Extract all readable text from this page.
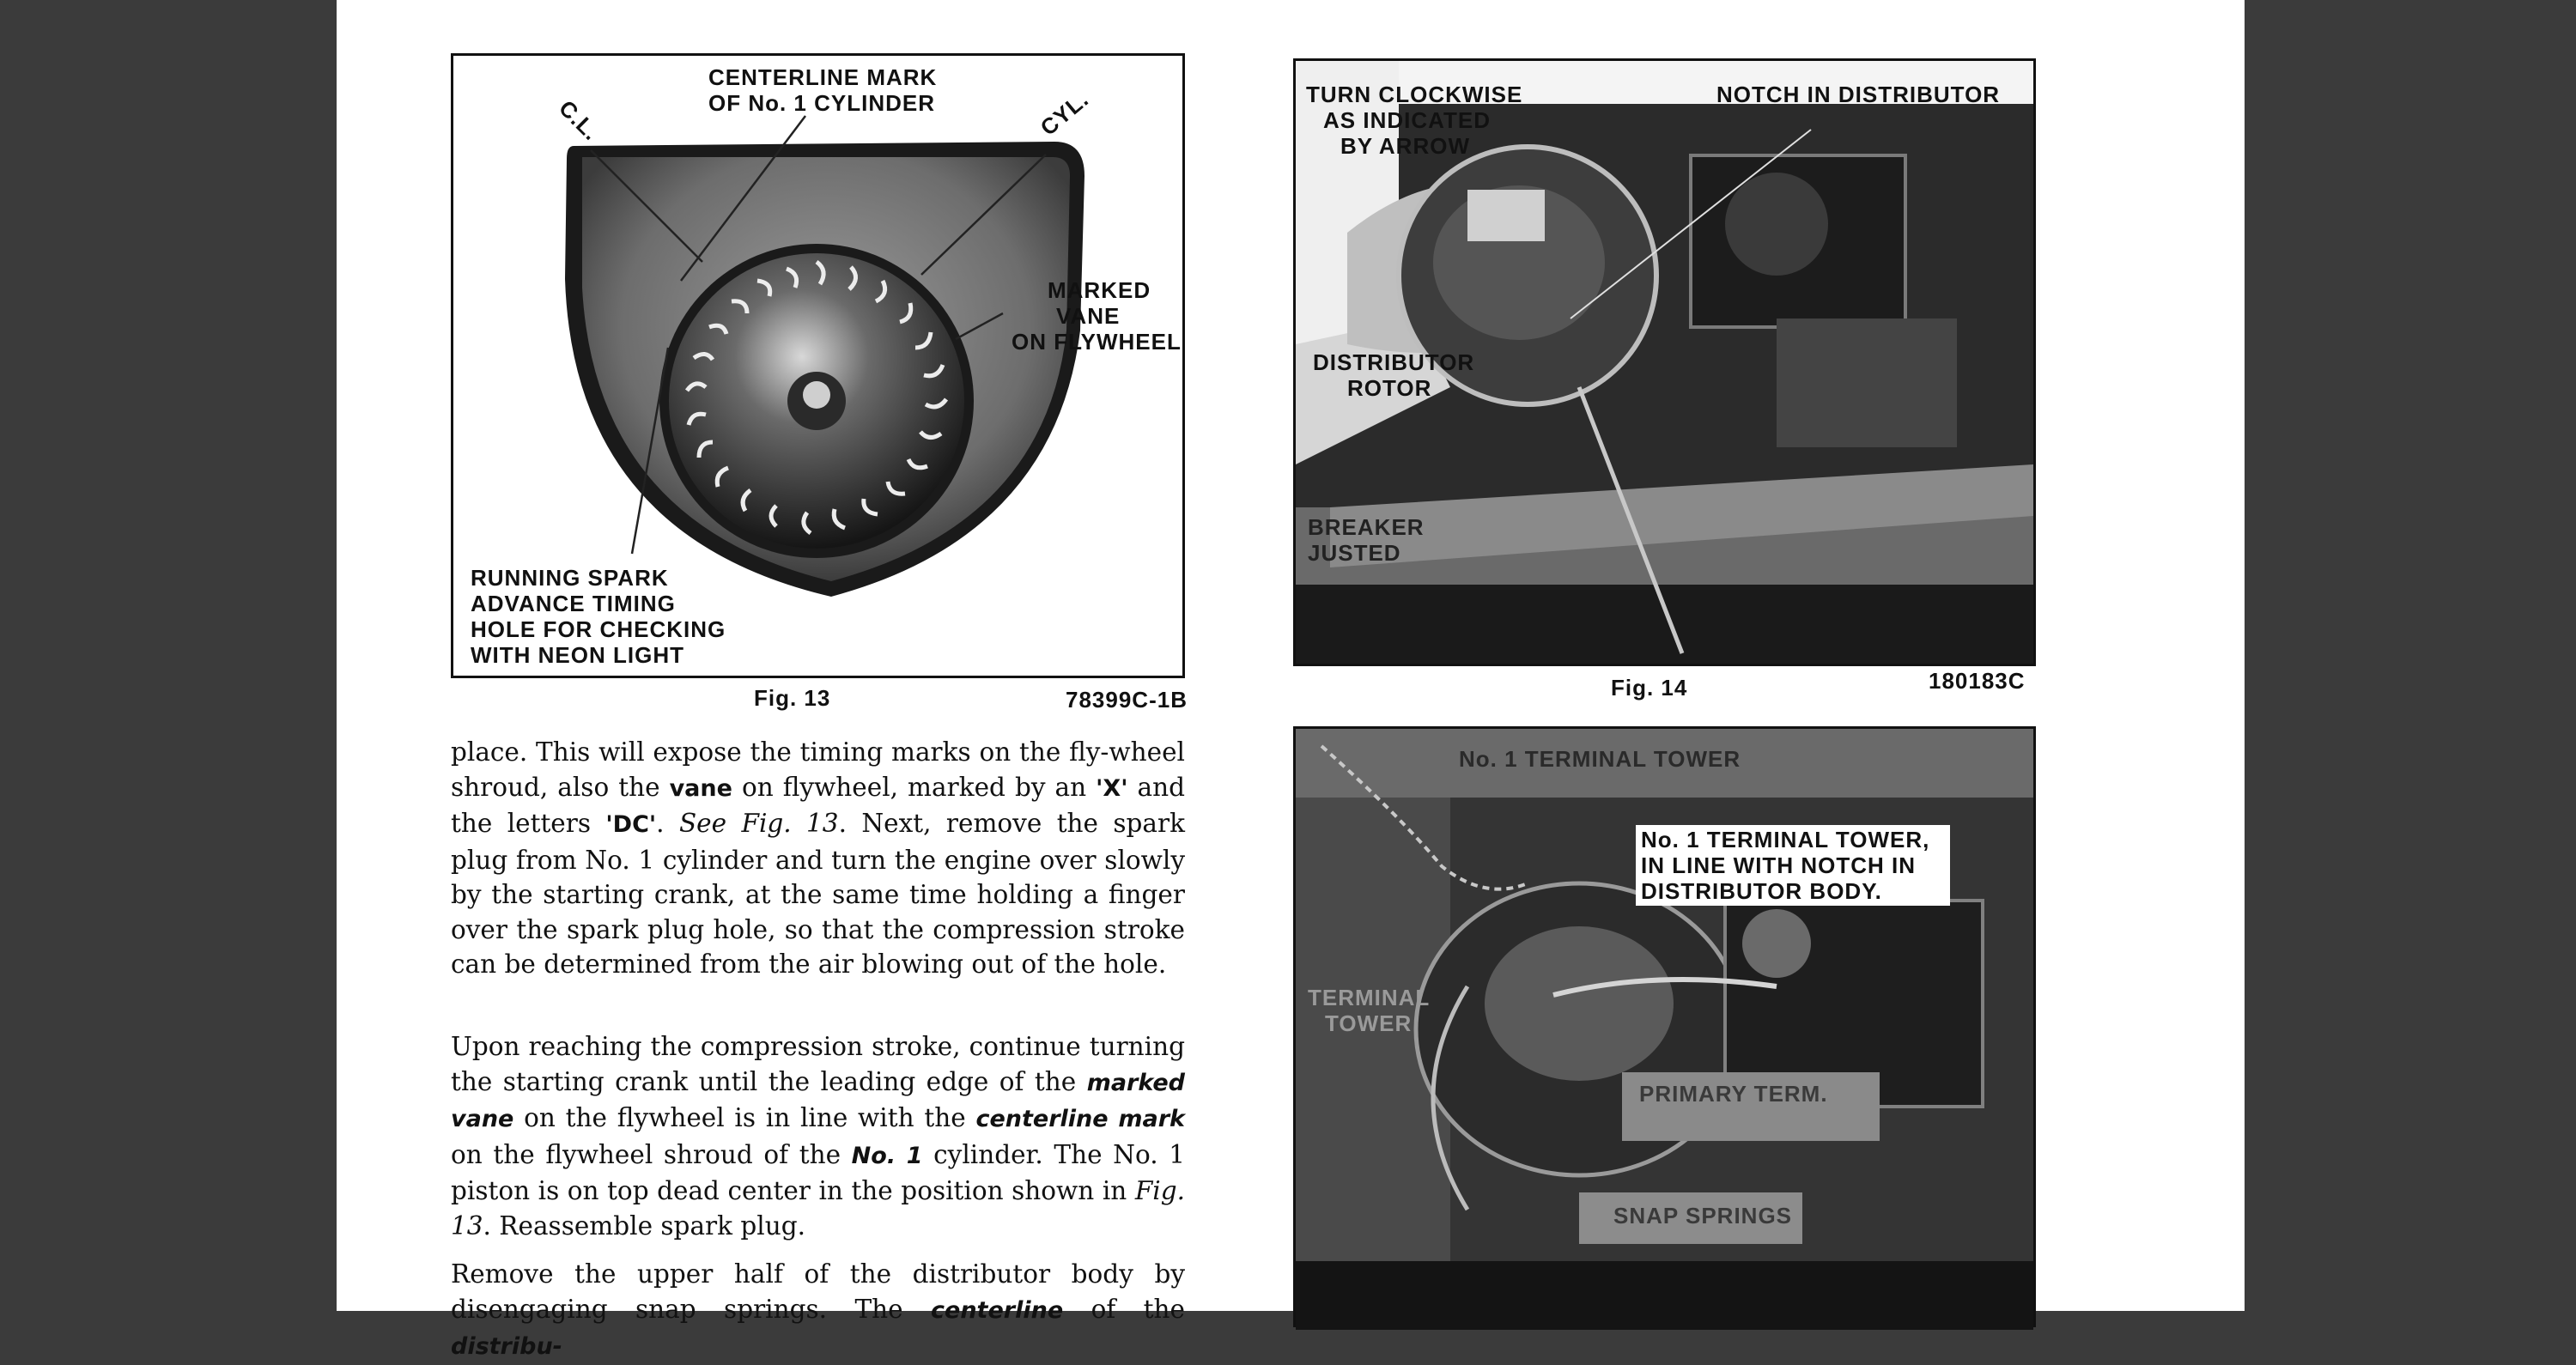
CENTERLINE MARK
OF No. 1 CYLINDER
C.L.	CYL.
MARKED
VANE
ON FLYWHEEL
RUNNING SPARK
ADVANCE TIMING
HOLE FOR CHECKING
WITH NEON LIGHT
Fig. 13	78399C-1B
TURN CLOCKWISE
AS INDICATED
BY ARROW
NOTCH IN DISTRIBUTOR
DISTRIBUTOR
ROTOR
BREAKER
JUSTED
Fig. 14	180183C
No. 1 TERMINAL TOWER
No. 1 TERMINAL TOWER,
IN LINE WITH NOTCH IN
DISTRIBUTOR BODY.
TERMINAL
TOWER
PRIMARY TERM.
SNAP SPRINGS

place. This will expose the timing marks on the fly-wheel shroud, also the vane on flywheel, marked by an 'X' and the letters 'DC'. See Fig. 13. Next, remove the spark plug from No. 1 cylinder and turn the engine over slowly by the starting crank, at the same time holding a finger over the spark plug hole, so that the compression stroke can be determined from the air blowing out of the hole.

Upon reaching the compression stroke, continue turning the starting crank until the leading edge of the marked vane on the flywheel is in line with the centerline mark on the flywheel shroud of the No. 1 cylinder. The No. 1 piston is on top dead center in the position shown in Fig. 13. Reassemble spark plug.

Remove the upper half of the distributor body by disengaging snap springs. The centerline of the distribu-
